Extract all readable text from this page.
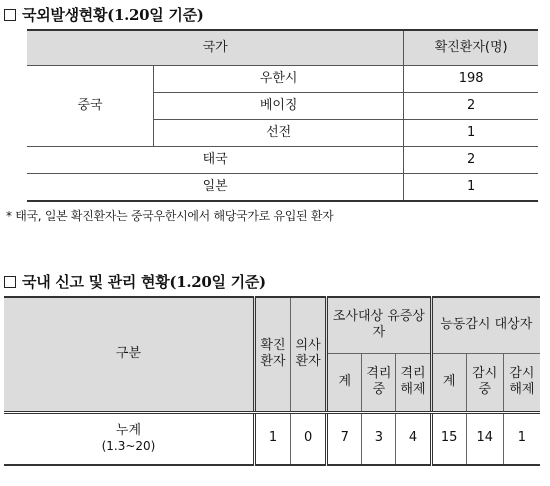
국외발생현황(1.20일 기준)
국가		확진환자(명)
중국	우한시	198
	베이징	2
	선전	1
태국		2
일본		1
* 태국, 일본 확진환자는 중국우한시에서 해당국가로 유입된 환자
국내 신고 및 관리 현황(1.20일 기준)
구분	확진환자	의사환자	조사대상 유증상자			능동감시 대상자		
			계	격리중	격리해제	계	감시중	감시해제

누계
(1.3~20)	1	0	7	3	4	15	14	1
